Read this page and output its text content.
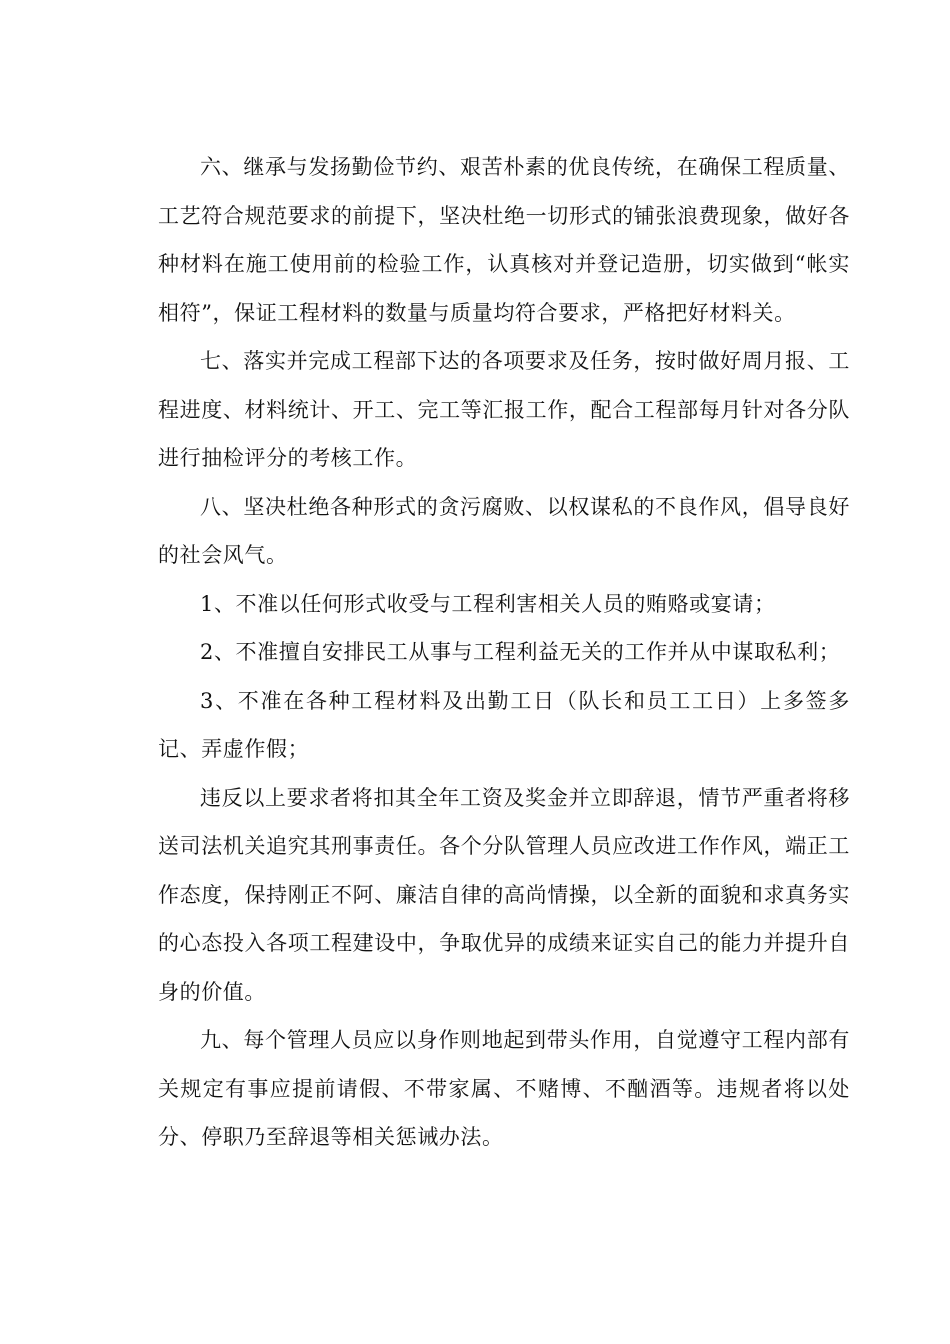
六、继承与发扬勤俭节约、艰苦朴素的优良传统，在确保工程质量、工艺符合规范要求的前提下，坚决杜绝一切形式的铺张浪费现象，做好各种材料在施工使用前的检验工作，认真核对并登记造册，切实做到“帐实相符”，保证工程材料的数量与质量均符合要求，严格把好材料关。

七、落实并完成工程部下达的各项要求及任务，按时做好周月报、工程进度、材料统计、开工、完工等汇报工作，配合工程部每月针对各分队进行抽检评分的考核工作。

八、坚决杜绝各种形式的贪污腐败、以权谋私的不良作风，倡导良好的社会风气。

1、不准以任何形式收受与工程利害相关人员的贿赂或宴请；

2、不准擅自安排民工从事与工程利益无关的工作并从中谋取私利；

3、不准在各种工程材料及出勤工日（队长和员工工日）上多签多记、弄虚作假；

违反以上要求者将扣其全年工资及奖金并立即辞退，情节严重者将移送司法机关追究其刑事责任。各个分队管理人员应改进工作作风，端正工作态度，保持刚正不阿、廉洁自律的高尚情操，以全新的面貌和求真务实的心态投入各项工程建设中，争取优异的成绩来证实自己的能力并提升自身的价值。

九、每个管理人员应以身作则地起到带头作用，自觉遵守工程内部有关规定有事应提前请假、不带家属、不赌博、不酗酒等。违规者将以处分、停职乃至辞退等相关惩诫办法。
